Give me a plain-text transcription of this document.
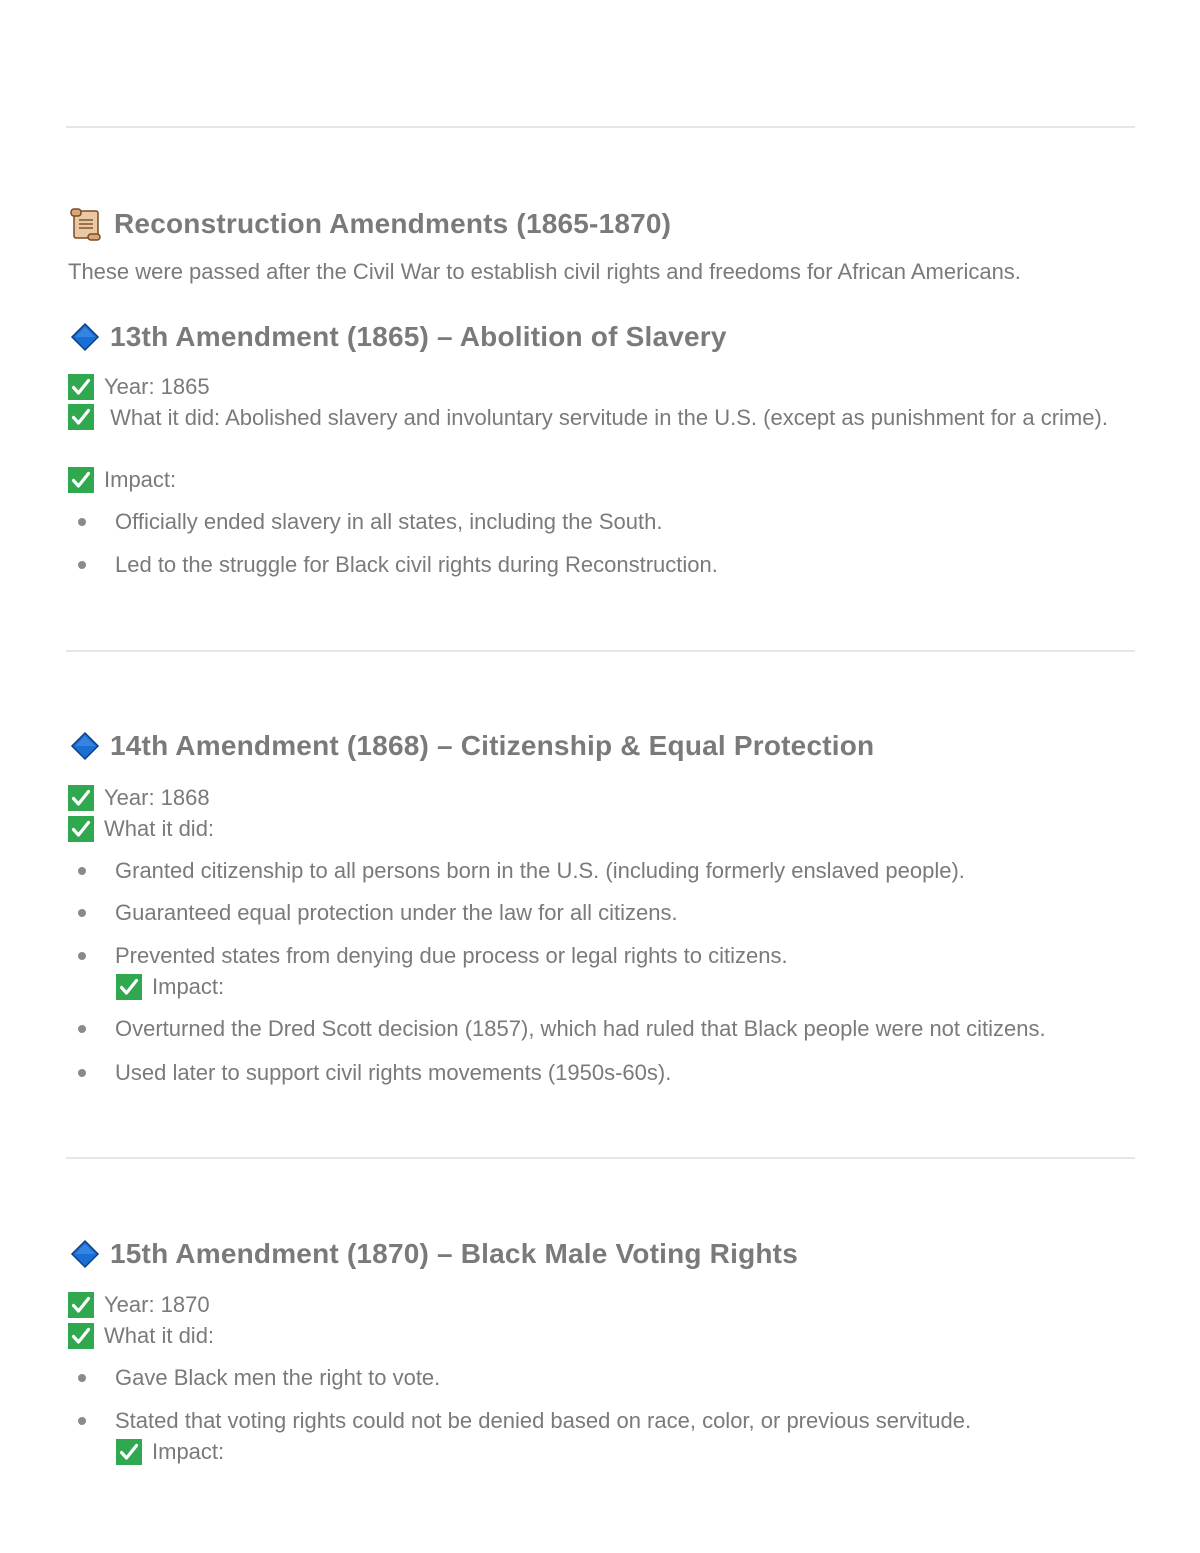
Reconstruction Amendments (1865-1870)
These were passed after the Civil War to establish civil rights and freedoms for African Americans.
13th Amendment (1865) – Abolition of Slavery
Year: 1865
What it did: Abolished slavery and involuntary servitude in the U.S. (except as punishment for a crime).
Impact:
Officially ended slavery in all states, including the South.
Led to the struggle for Black civil rights during Reconstruction.
14th Amendment (1868) – Citizenship & Equal Protection
Year: 1868
What it did:
Granted citizenship to all persons born in the U.S. (including formerly enslaved people).
Guaranteed equal protection under the law for all citizens.
Prevented states from denying due process or legal rights to citizens.
Impact:
Overturned the Dred Scott decision (1857), which had ruled that Black people were not citizens.
Used later to support civil rights movements (1950s-60s).
15th Amendment (1870) – Black Male Voting Rights
Year: 1870
What it did:
Gave Black men the right to vote.
Stated that voting rights could not be denied based on race, color, or previous servitude.
Impact:
